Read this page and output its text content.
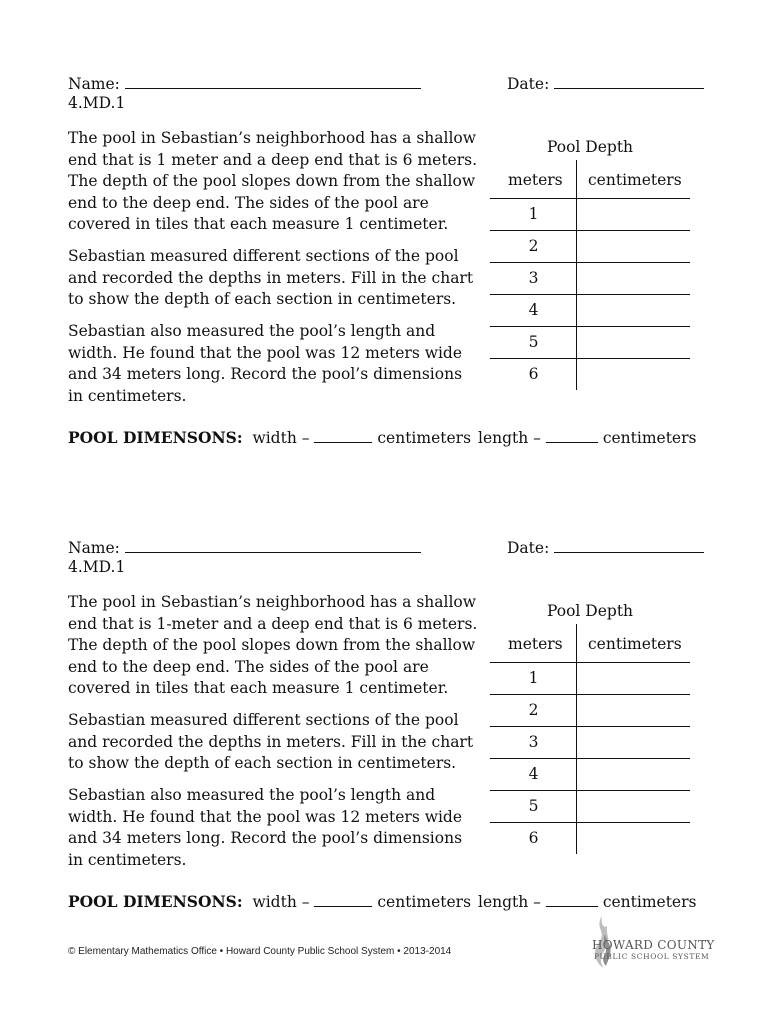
Name:	Date:
4.MD.1
The pool in Sebastian’s neighborhood has a shallow
end that is 1 meter and a deep end that is 6 meters.
The depth of the pool slopes down from the shallow
end to the deep end. The sides of the pool are
covered in tiles that each measure 1 centimeter.
Sebastian measured different sections of the pool
and recorded the depths in meters. Fill in the chart
to show the depth of each section in centimeters.
Sebastian also measured the pool’s length and
width. He found that the pool was 12 meters wide
and 34 meters long. Record the pool’s dimensions
in centimeters.
Pool Depth
meters centimeters
1
2
3
4
5
6
POOL DIMENSONS: width –	centimeters length –	centimeters
Name:	Date:
4.MD.1
The pool in Sebastian’s neighborhood has a shallow
end that is 1-meter and a deep end that is 6 meters.
The depth of the pool slopes down from the shallow
end to the deep end. The sides of the pool are
covered in tiles that each measure 1 centimeter.
Sebastian measured different sections of the pool
and recorded the depths in meters. Fill in the chart
to show the depth of each section in centimeters.
Sebastian also measured the pool’s length and
width. He found that the pool was 12 meters wide
and 34 meters long. Record the pool’s dimensions
in centimeters.
Pool Depth
meters centimeters
1
2
3
4
5
6
POOL DIMENSONS: width –	centimeters length –	centimeters
© Elementary Mathematics Office • Howard County Public School System • 2013-2014	HOWARD COUNTY
PUBLIC SCHOOL SYSTEM
